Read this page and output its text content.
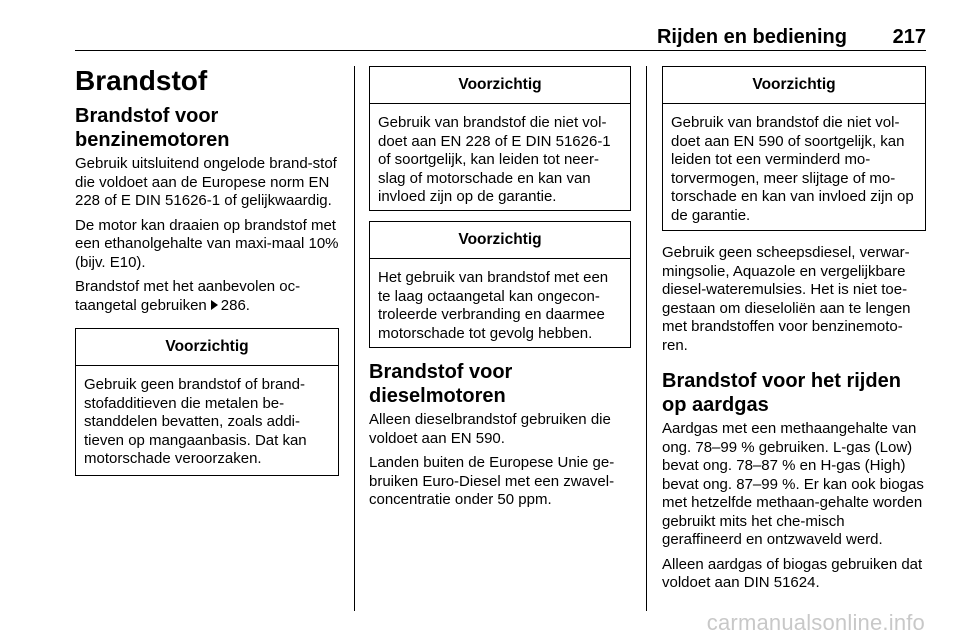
Rijden en bediening 217
Brandstof
Brandstof voor benzinemotoren

Gebruik uitsluitend ongelode brand-stof die voldoet aan de Europese norm EN 228 of E DIN 51626-1 of gelijkwaardig.

De motor kan draaien op brandstof met een ethanolgehalte van maxi-maal 10% (bijv. E10).

Brandstof met het aanbevolen oc-taangetal gebruiken 286.

Voorzichtig
Gebruik geen brandstof of brand-stofadditieven die metalen be-standdelen bevatten, zoals addi-tieven op mangaanbasis. Dat kan motorschade veroorzaken.
Voorzichtig
Gebruik van brandstof die niet vol-doet aan EN 228 of E DIN 51626-1 of soortgelijk, kan leiden tot neer-slag of motorschade en kan van invloed zijn op de garantie.
Voorzichtig
Het gebruik van brandstof met een te laag octaangetal kan ongecon-troleerde verbranding en daarmee motorschade tot gevolg hebben.
Brandstof voor dieselmotoren

Alleen dieselbrandstof gebruiken die voldoet aan EN 590.

Landen buiten de Europese Unie ge-bruiken Euro-Diesel met een zwavel-concentratie onder 50 ppm.

Voorzichtig
Gebruik van brandstof die niet vol-doet aan EN 590 of soortgelijk, kan leiden tot een verminderd mo-torvermogen, meer slijtage of mo-torschade en kan van invloed zijn op de garantie.

Gebruik geen scheepsdiesel, verwar-mingsolie, Aquazole en vergelijkbare diesel-wateremulsies. Het is niet toe-gestaan om dieseloliën aan te lengen met brandstoffen voor benzinemoto-ren.

Brandstof voor het rijden op aardgas

Aardgas met een methaangehalte van ong. 78–99 % gebruiken. L-gas (Low) bevat ong. 78–87 % en H-gas (High) bevat ong. 87–99 %. Er kan ook biogas met hetzelfde methaan-gehalte worden gebruikt mits het che-misch geraffineerd en ontzwaveld werd.

Alleen aardgas of biogas gebruiken dat voldoet aan DIN 51624.

carmanualsonline.info
